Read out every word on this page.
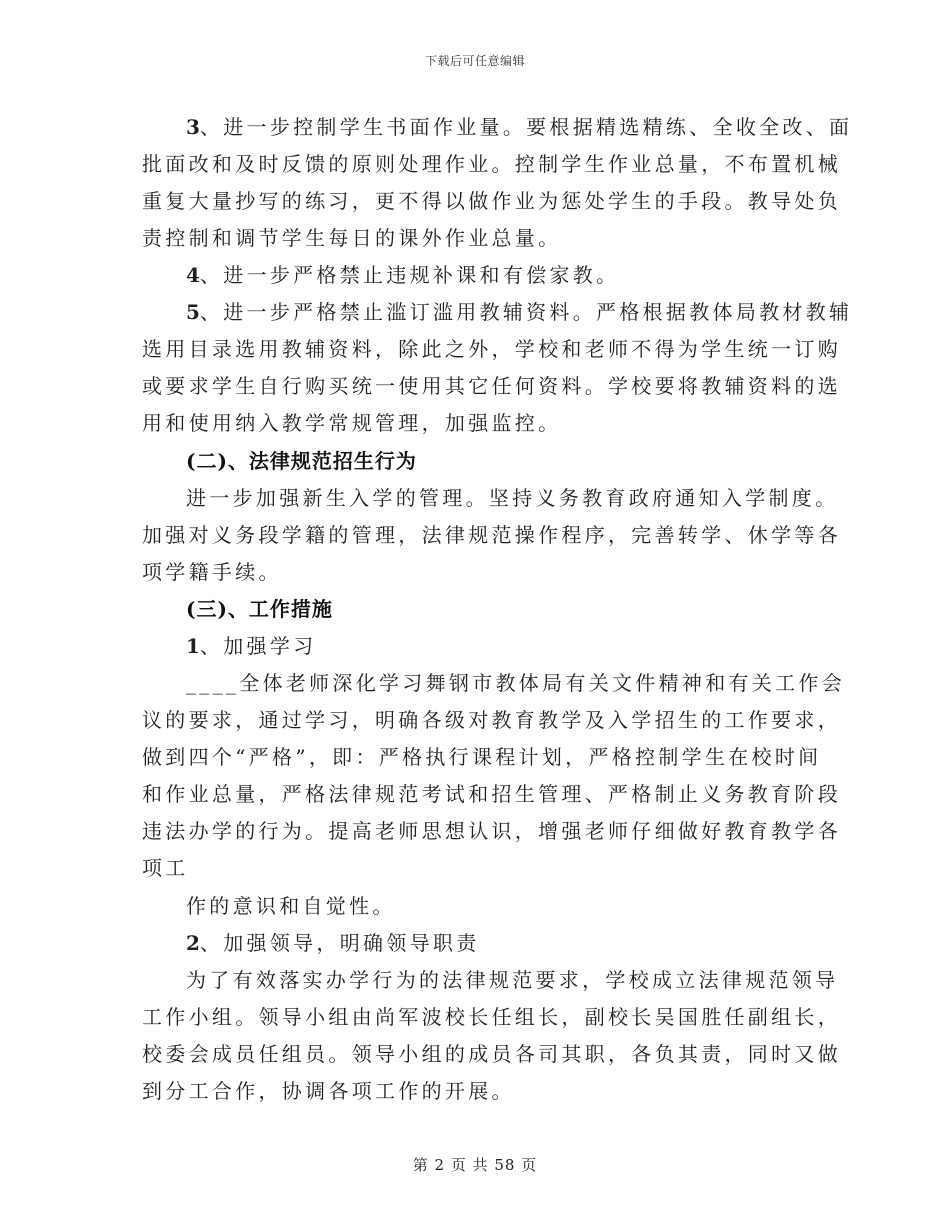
下载后可任意编辑
3、进一步控制学生书面作业量。要根据精选精练、全收全改、面
批面改和及时反馈的原则处理作业。控制学生作业总量，不布置机械
重复大量抄写的练习，更不得以做作业为惩处学生的手段。教导处负
责控制和调节学生每日的课外作业总量。
4、进一步严格禁止违规补课和有偿家教。
5、进一步严格禁止滥订滥用教辅资料。严格根据教体局教材教辅
选用目录选用教辅资料，除此之外，学校和老师不得为学生统一订购
或要求学生自行购买统一使用其它任何资料。学校要将教辅资料的选
用和使用纳入教学常规管理，加强监控。
(二)、法律规范招生行为
进一步加强新生入学的管理。坚持义务教育政府通知入学制度。
加强对义务段学籍的管理，法律规范操作程序，完善转学、休学等各
项学籍手续。
(三)、工作措施
1、加强学习
____全体老师深化学习舞钢市教体局有关文件精神和有关工作会
议的要求，通过学习，明确各级对教育教学及入学招生的工作要求，
做到四个“严格”，即：严格执行课程计划，严格控制学生在校时间
和作业总量，严格法律规范考试和招生管理、严格制止义务教育阶段
违法办学的行为。提高老师思想认识，增强老师仔细做好教育教学各
项工
作的意识和自觉性。
2、加强领导，明确领导职责
为了有效落实办学行为的法律规范要求，学校成立法律规范领导
工作小组。领导小组由尚军波校长任组长，副校长吴国胜任副组长，
校委会成员任组员。领导小组的成员各司其职，各负其责，同时又做
到分工合作，协调各项工作的开展。
第 2 页 共 58 页
